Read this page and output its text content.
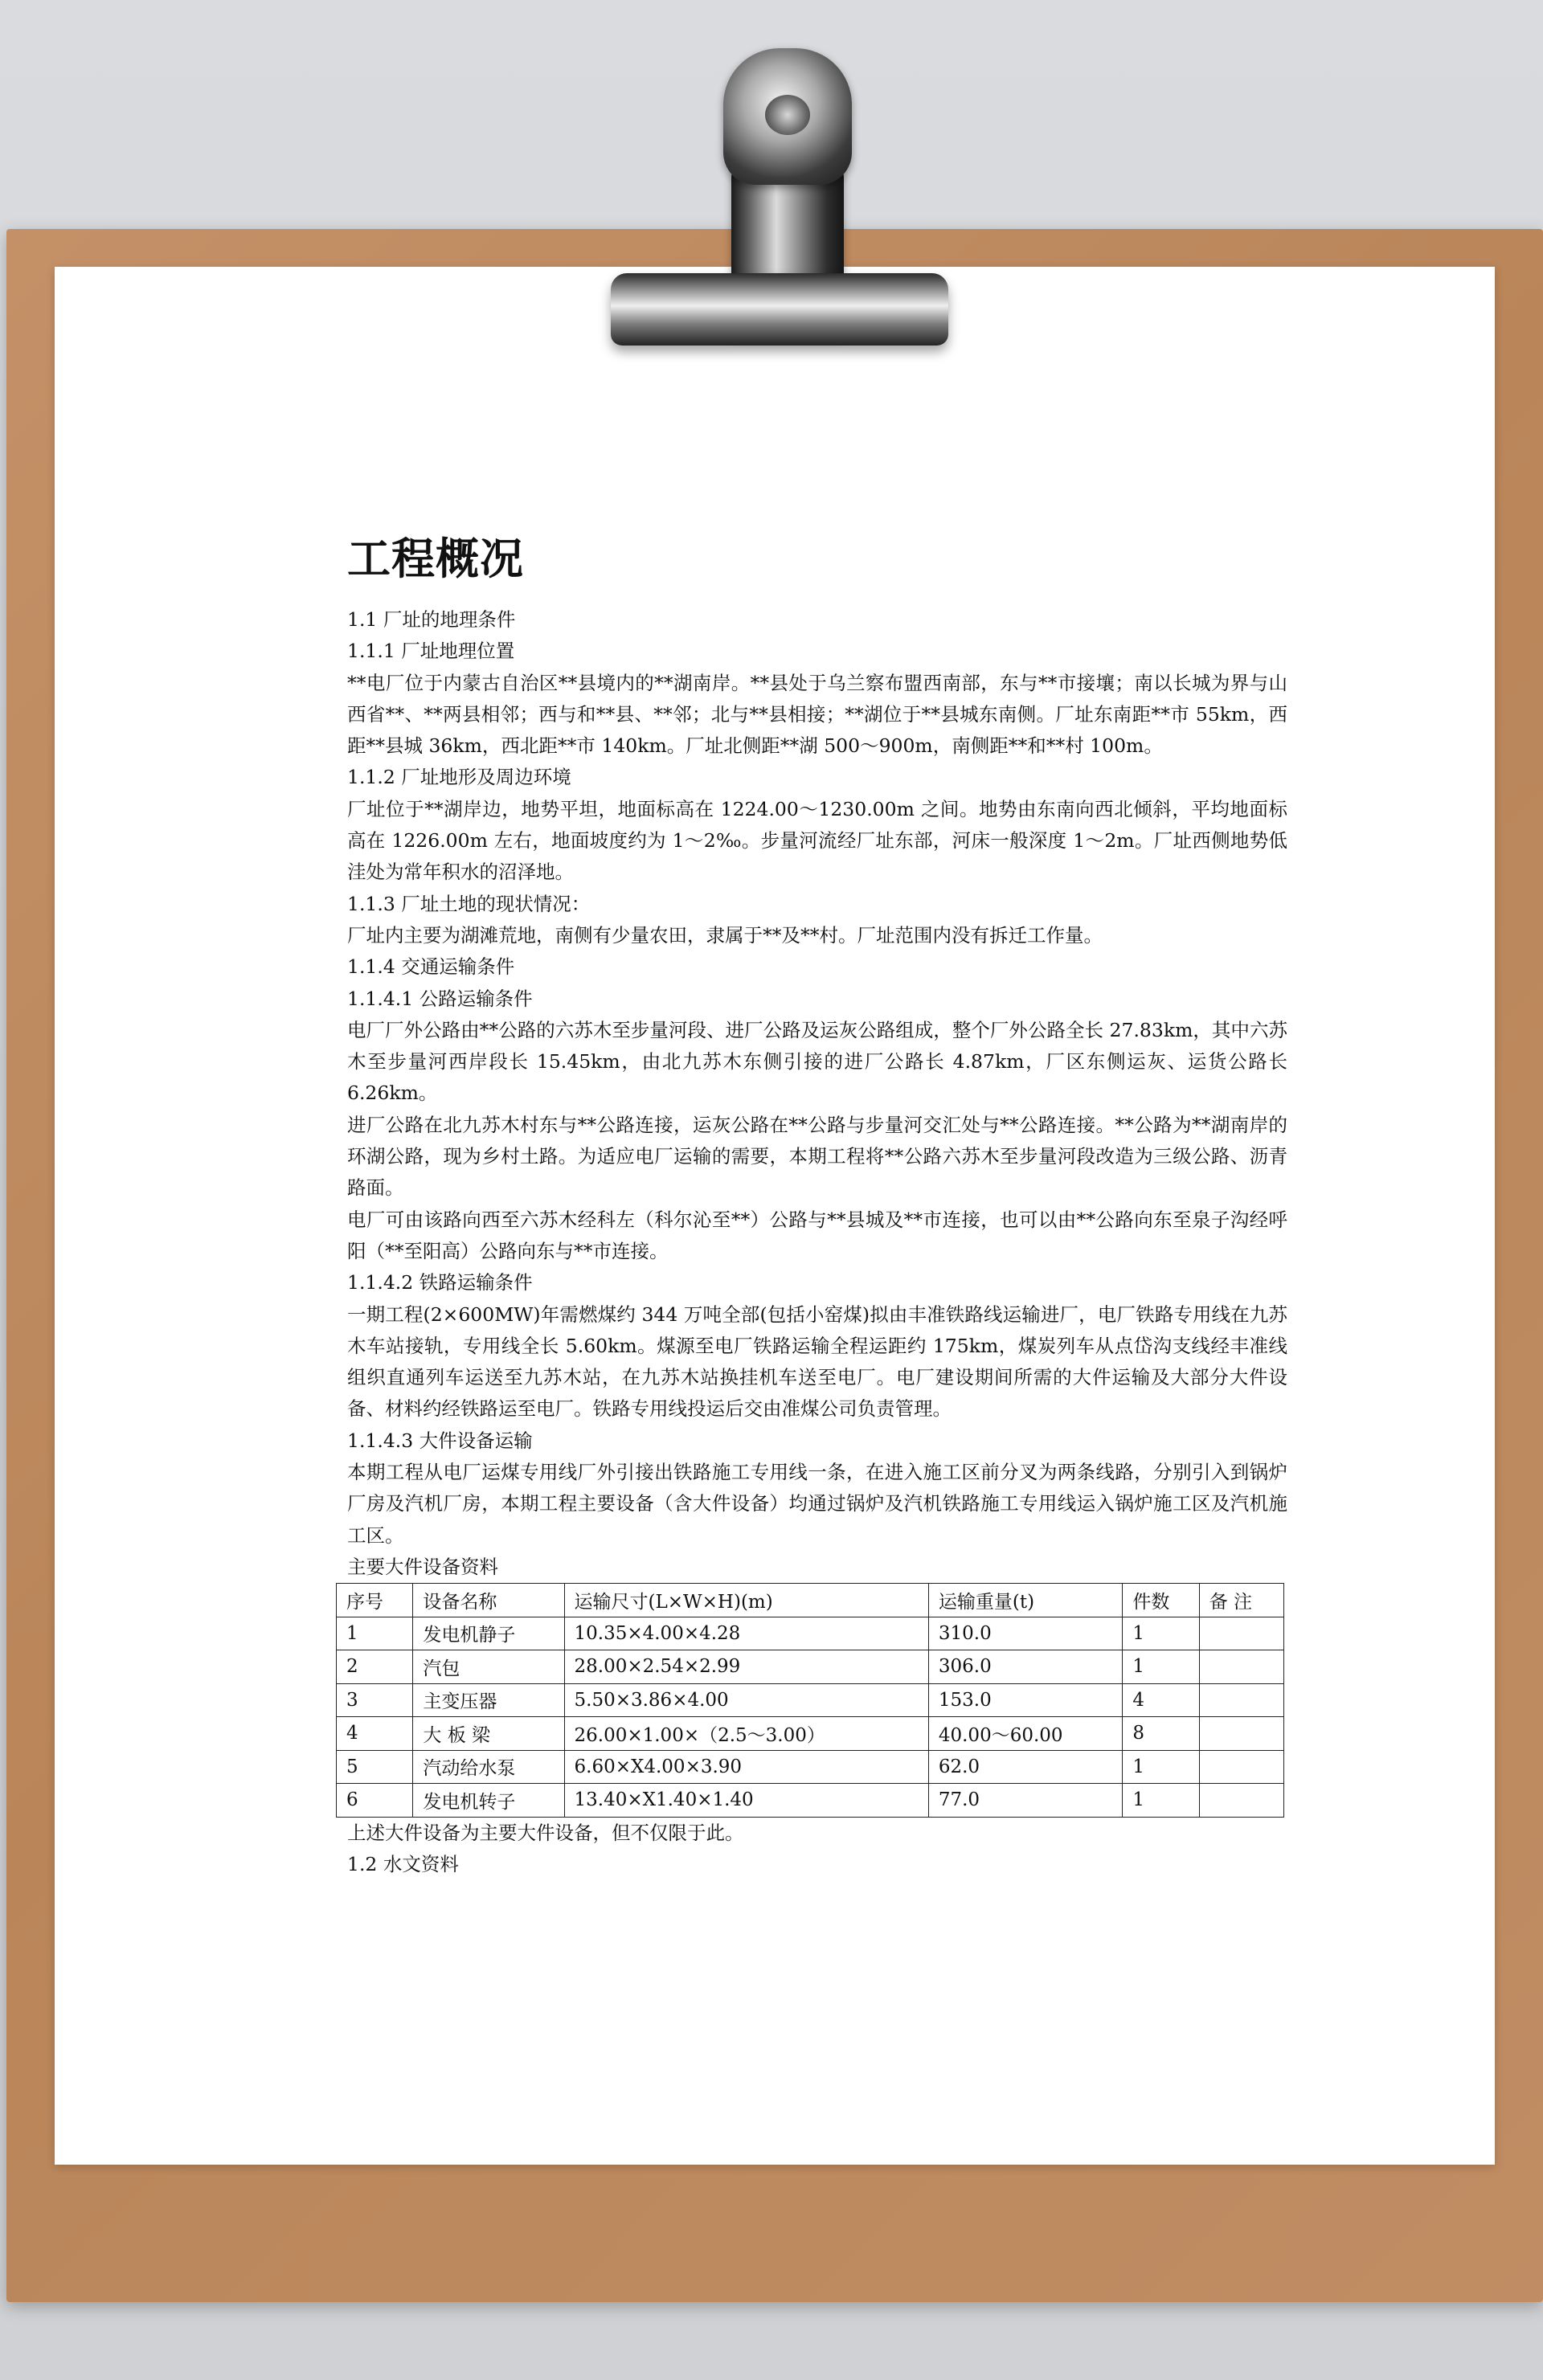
工程概况
1.1 厂址的地理条件
1.1.1 厂址地理位置
**电厂位于内蒙古自治区**县境内的**湖南岸。**县处于乌兰察布盟西南部，东与**市接壤；南以长城为界与山西省**、**两县相邻；西与和**县、**邻；北与**县相接；**湖位于**县城东南侧。厂址东南距**市 55km，西距**县城 36km，西北距**市 140km。厂址北侧距**湖 500～900m，南侧距**和**村 100m。
1.1.2 厂址地形及周边环境
厂址位于**湖岸边，地势平坦，地面标高在 1224.00～1230.00m 之间。地势由东南向西北倾斜，平均地面标高在 1226.00m 左右，地面坡度约为 1～2‰。步量河流经厂址东部，河床一般深度 1～2m。厂址西侧地势低洼处为常年积水的沼泽地。
1.1.3 厂址土地的现状情况：
厂址内主要为湖滩荒地，南侧有少量农田，隶属于**及**村。厂址范围内没有拆迁工作量。
1.1.4 交通运输条件
1.1.4.1 公路运输条件
电厂厂外公路由**公路的六苏木至步量河段、进厂公路及运灰公路组成，整个厂外公路全长 27.83km，其中六苏木至步量河西岸段长 15.45km，由北九苏木东侧引接的进厂公路长 4.87km，厂区东侧运灰、运货公路长 6.26km。
进厂公路在北九苏木村东与**公路连接，运灰公路在**公路与步量河交汇处与**公路连接。**公路为**湖南岸的环湖公路，现为乡村土路。为适应电厂运输的需要，本期工程将**公路六苏木至步量河段改造为三级公路、沥青路面。
电厂可由该路向西至六苏木经科左（科尔沁至**）公路与**县城及**市连接，也可以由**公路向东至泉子沟经呼阳（**至阳高）公路向东与**市连接。
1.1.4.2 铁路运输条件
一期工程(2×600MW)年需燃煤约 344 万吨全部(包括小窑煤)拟由丰准铁路线运输进厂，电厂铁路专用线在九苏木车站接轨，专用线全长 5.60km。煤源至电厂铁路运输全程运距约 175km，煤炭列车从点岱沟支线经丰准线组织直通列车运送至九苏木站，在九苏木站换挂机车送至电厂。电厂建设期间所需的大件运输及大部分大件设备、材料约经铁路运至电厂。铁路专用线投运后交由准煤公司负责管理。
1.1.4.3 大件设备运输
本期工程从电厂运煤专用线厂外引接出铁路施工专用线一条，在进入施工区前分叉为两条线路，分别引入到锅炉厂房及汽机厂房，本期工程主要设备（含大件设备）均通过锅炉及汽机铁路施工专用线运入锅炉施工区及汽机施工区。
主要大件设备资料
序号	设备名称	运输尺寸(L×W×H)(m)	运输重量(t)	件数	备 注
1	发电机静子	10.35×4.00×4.28	310.0	1	
2	汽包	28.00×2.54×2.99	306.0	1	
3	主变压器	5.50×3.86×4.00	153.0	4	
4	大 板 梁	26.00×1.00×（2.5～3.00）	40.00～60.00	8	
5	汽动给水泵	6.60×X4.00×3.90	62.0	1	
6	发电机转子	13.40×X1.40×1.40	77.0	1	
上述大件设备为主要大件设备，但不仅限于此。
1.2 水文资料
